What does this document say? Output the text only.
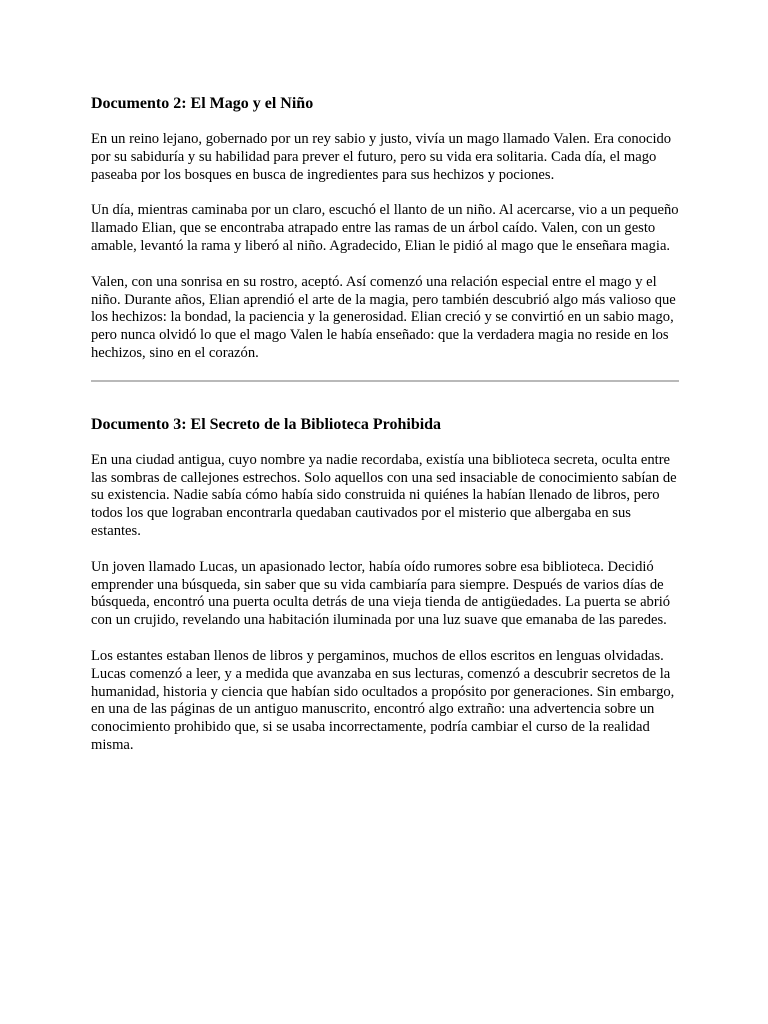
Documento 2: El Mago y el Niño

En un reino lejano, gobernado por un rey sabio y justo, vivía un mago llamado Valen. Era conocido por su sabiduría y su habilidad para prever el futuro, pero su vida era solitaria. Cada día, el mago paseaba por los bosques en busca de ingredientes para sus hechizos y pociones.

Un día, mientras caminaba por un claro, escuchó el llanto de un niño. Al acercarse, vio a un pequeño llamado Elian, que se encontraba atrapado entre las ramas de un árbol caído. Valen, con un gesto amable, levantó la rama y liberó al niño. Agradecido, Elian le pidió al mago que le enseñara magia.

Valen, con una sonrisa en su rostro, aceptó. Así comenzó una relación especial entre el mago y el niño. Durante años, Elian aprendió el arte de la magia, pero también descubrió algo más valioso que los hechizos: la bondad, la paciencia y la generosidad. Elian creció y se convirtió en un sabio mago, pero nunca olvidó lo que el mago Valen le había enseñado: que la verdadera magia no reside en los hechizos, sino en el corazón.

Documento 3: El Secreto de la Biblioteca Prohibida

En una ciudad antigua, cuyo nombre ya nadie recordaba, existía una biblioteca secreta, oculta entre las sombras de callejones estrechos. Solo aquellos con una sed insaciable de conocimiento sabían de su existencia. Nadie sabía cómo había sido construida ni quiénes la habían llenado de libros, pero todos los que lograban encontrarla quedaban cautivados por el misterio que albergaba en sus estantes.

Un joven llamado Lucas, un apasionado lector, había oído rumores sobre esa biblioteca. Decidió emprender una búsqueda, sin saber que su vida cambiaría para siempre. Después de varios días de búsqueda, encontró una puerta oculta detrás de una vieja tienda de antigüedades. La puerta se abrió con un crujido, revelando una habitación iluminada por una luz suave que emanaba de las paredes.

Los estantes estaban llenos de libros y pergaminos, muchos de ellos escritos en lenguas olvidadas. Lucas comenzó a leer, y a medida que avanzaba en sus lecturas, comenzó a descubrir secretos de la humanidad, historia y ciencia que habían sido ocultados a propósito por generaciones. Sin embargo, en una de las páginas de un antiguo manuscrito, encontró algo extraño: una advertencia sobre un conocimiento prohibido que, si se usaba incorrectamente, podría cambiar el curso de la realidad misma.
